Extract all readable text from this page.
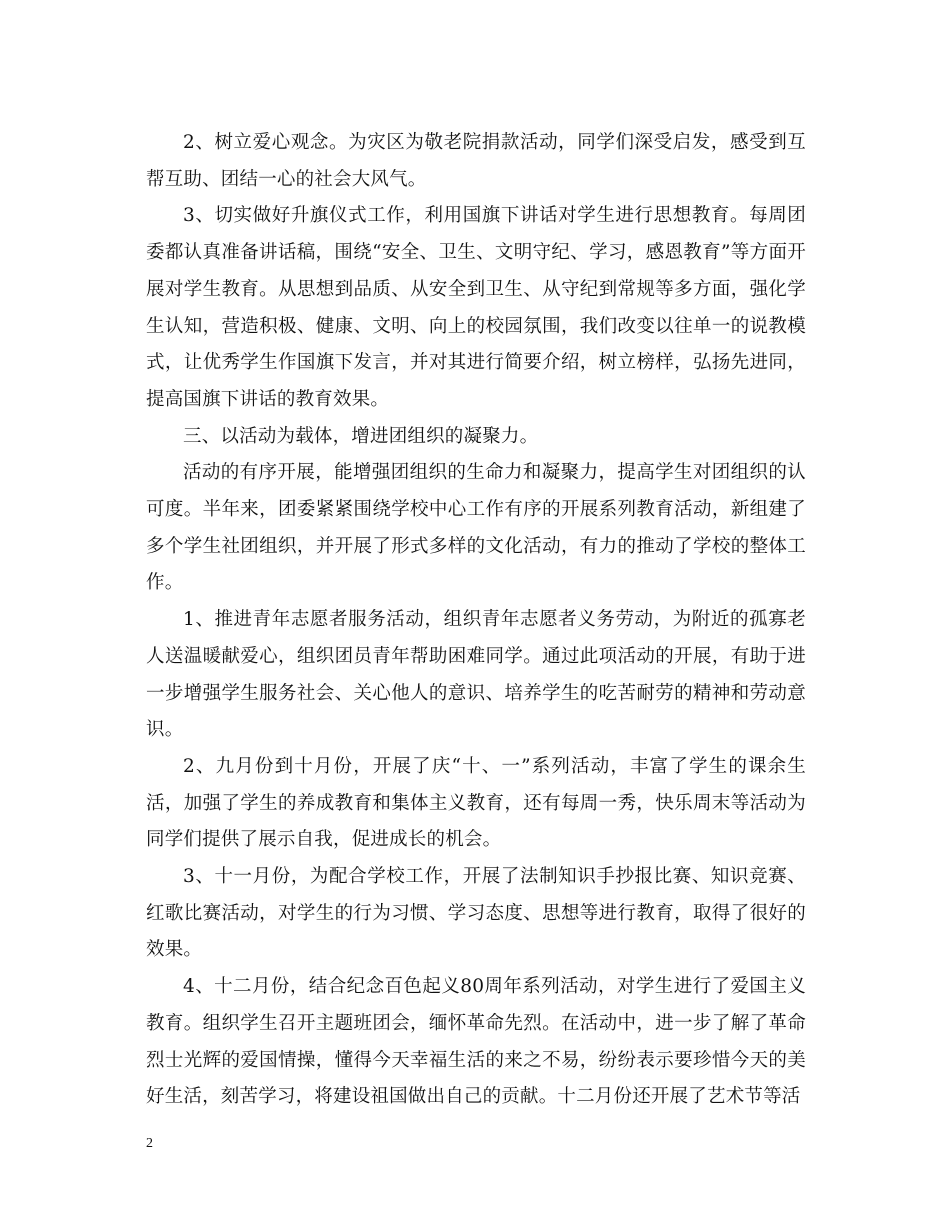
2、树立爱心观念。为灾区为敬老院捐款活动，同学们深受启发，感受到互帮互助、团结一心的社会大风气。

3、切实做好升旗仪式工作，利用国旗下讲话对学生进行思想教育。每周团委都认真准备讲话稿，围绕“安全、卫生、文明守纪、学习，感恩教育”等方面开展对学生教育。从思想到品质、从安全到卫生、从守纪到常规等多方面，强化学生认知，营造积极、健康、文明、向上的校园氛围，我们改变以往单一的说教模式，让优秀学生作国旗下发言，并对其进行简要介绍，树立榜样，弘扬先进同，提高国旗下讲话的教育效果。

三、以活动为载体，增进团组织的凝聚力。

活动的有序开展，能增强团组织的生命力和凝聚力，提高学生对团组织的认可度。半年来，团委紧紧围绕学校中心工作有序的开展系列教育活动，新组建了多个学生社团组织，并开展了形式多样的文化活动，有力的推动了学校的整体工作。

1、推进青年志愿者服务活动，组织青年志愿者义务劳动，为附近的孤寡老人送温暖献爱心，组织团员青年帮助困难同学。通过此项活动的开展，有助于进一步增强学生服务社会、关心他人的意识、培养学生的吃苦耐劳的精神和劳动意识。

2、九月份到十月份，开展了庆“十、一”系列活动，丰富了学生的课余生活，加强了学生的养成教育和集体主义教育，还有每周一秀，快乐周末等活动为同学们提供了展示自我，促进成长的机会。

3、十一月份，为配合学校工作，开展了法制知识手抄报比赛、知识竞赛、红歌比赛活动，对学生的行为习惯、学习态度、思想等进行教育，取得了很好的效果。

4、十二月份，结合纪念百色起义80周年系列活动，对学生进行了爱国主义教育。组织学生召开主题班团会，缅怀革命先烈。在活动中，进一步了解了革命烈士光辉的爱国情操，懂得今天幸福生活的来之不易，纷纷表示要珍惜今天的美好生活，刻苦学习，将建设祖国做出自己的贡献。十二月份还开展了艺术节等活

2
